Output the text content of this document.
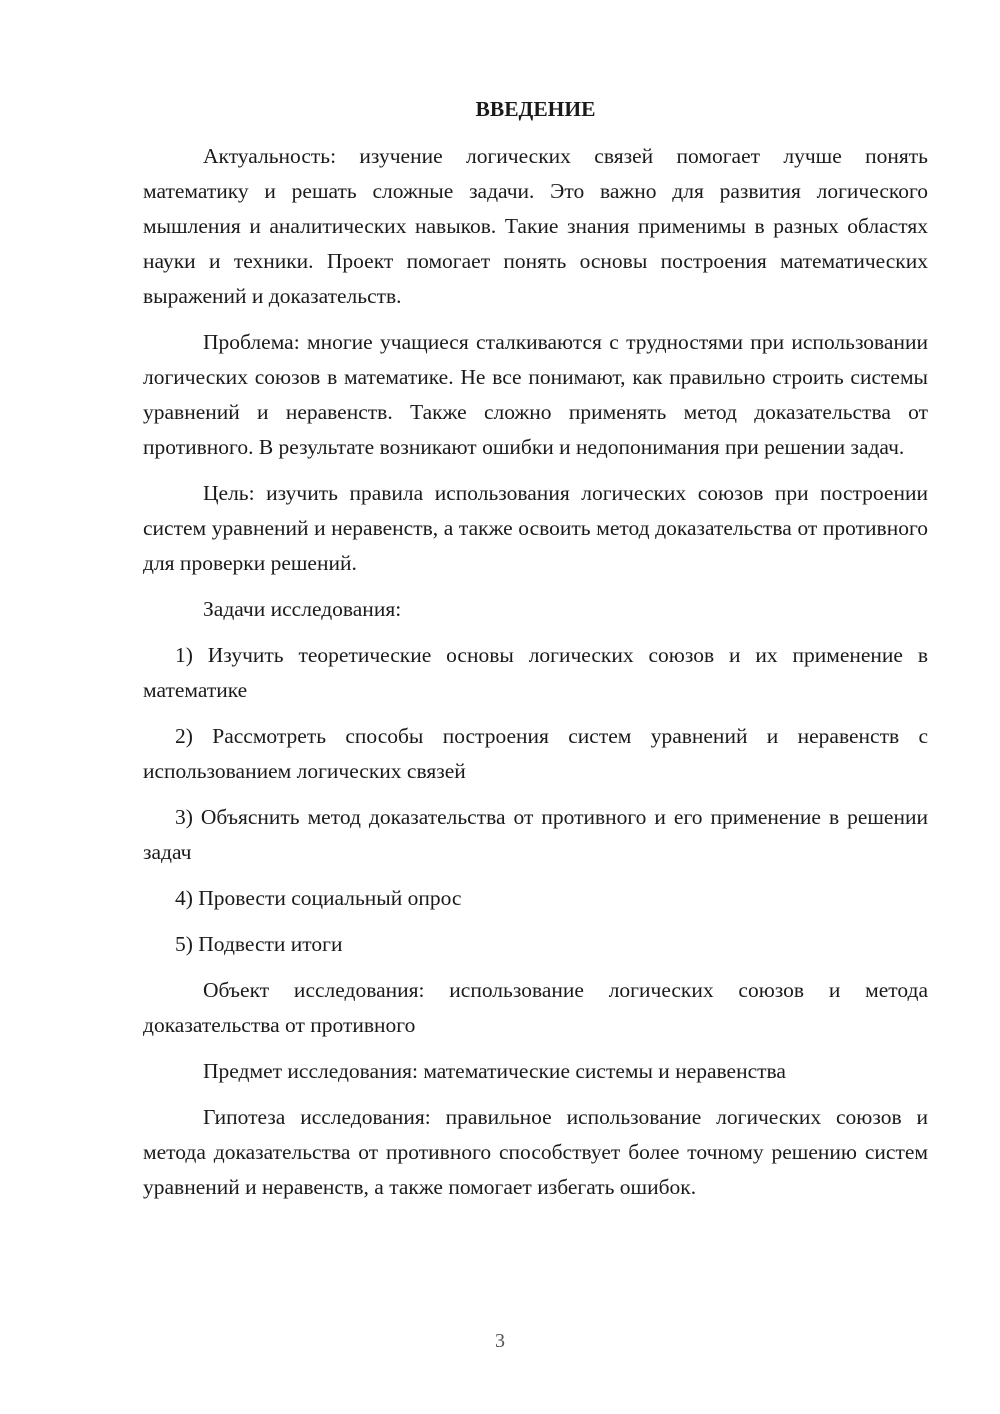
ВВЕДЕНИЕ

Актуальность: изучение логических связей помогает лучше понять математику и решать сложные задачи. Это важно для развития логического мышления и аналитических навыков. Такие знания применимы в разных областях науки и техники. Проект помогает понять основы построения математических выражений и доказательств.

Проблема: многие учащиеся сталкиваются с трудностями при использовании логических союзов в математике. Не все понимают, как правильно строить системы уравнений и неравенств. Также сложно применять метод доказательства от противного. В результате возникают ошибки и недопонимания при решении задач.

Цель: изучить правила использования логических союзов при построении систем уравнений и неравенств, а также освоить метод доказательства от противного для проверки решений.

Задачи исследования:

1) Изучить теоретические основы логических союзов и их применение в математике

2) Рассмотреть способы построения систем уравнений и неравенств с использованием логических связей

3) Объяснить метод доказательства от противного и его применение в решении задач

4) Провести социальный опрос

5) Подвести итоги

Объект исследования: использование логических союзов и метода доказательства от противного

Предмет исследования: математические системы и неравенства

Гипотеза исследования: правильное использование логических союзов и метода доказательства от противного способствует более точному решению систем уравнений и неравенств, а также помогает избегать ошибок.

3
